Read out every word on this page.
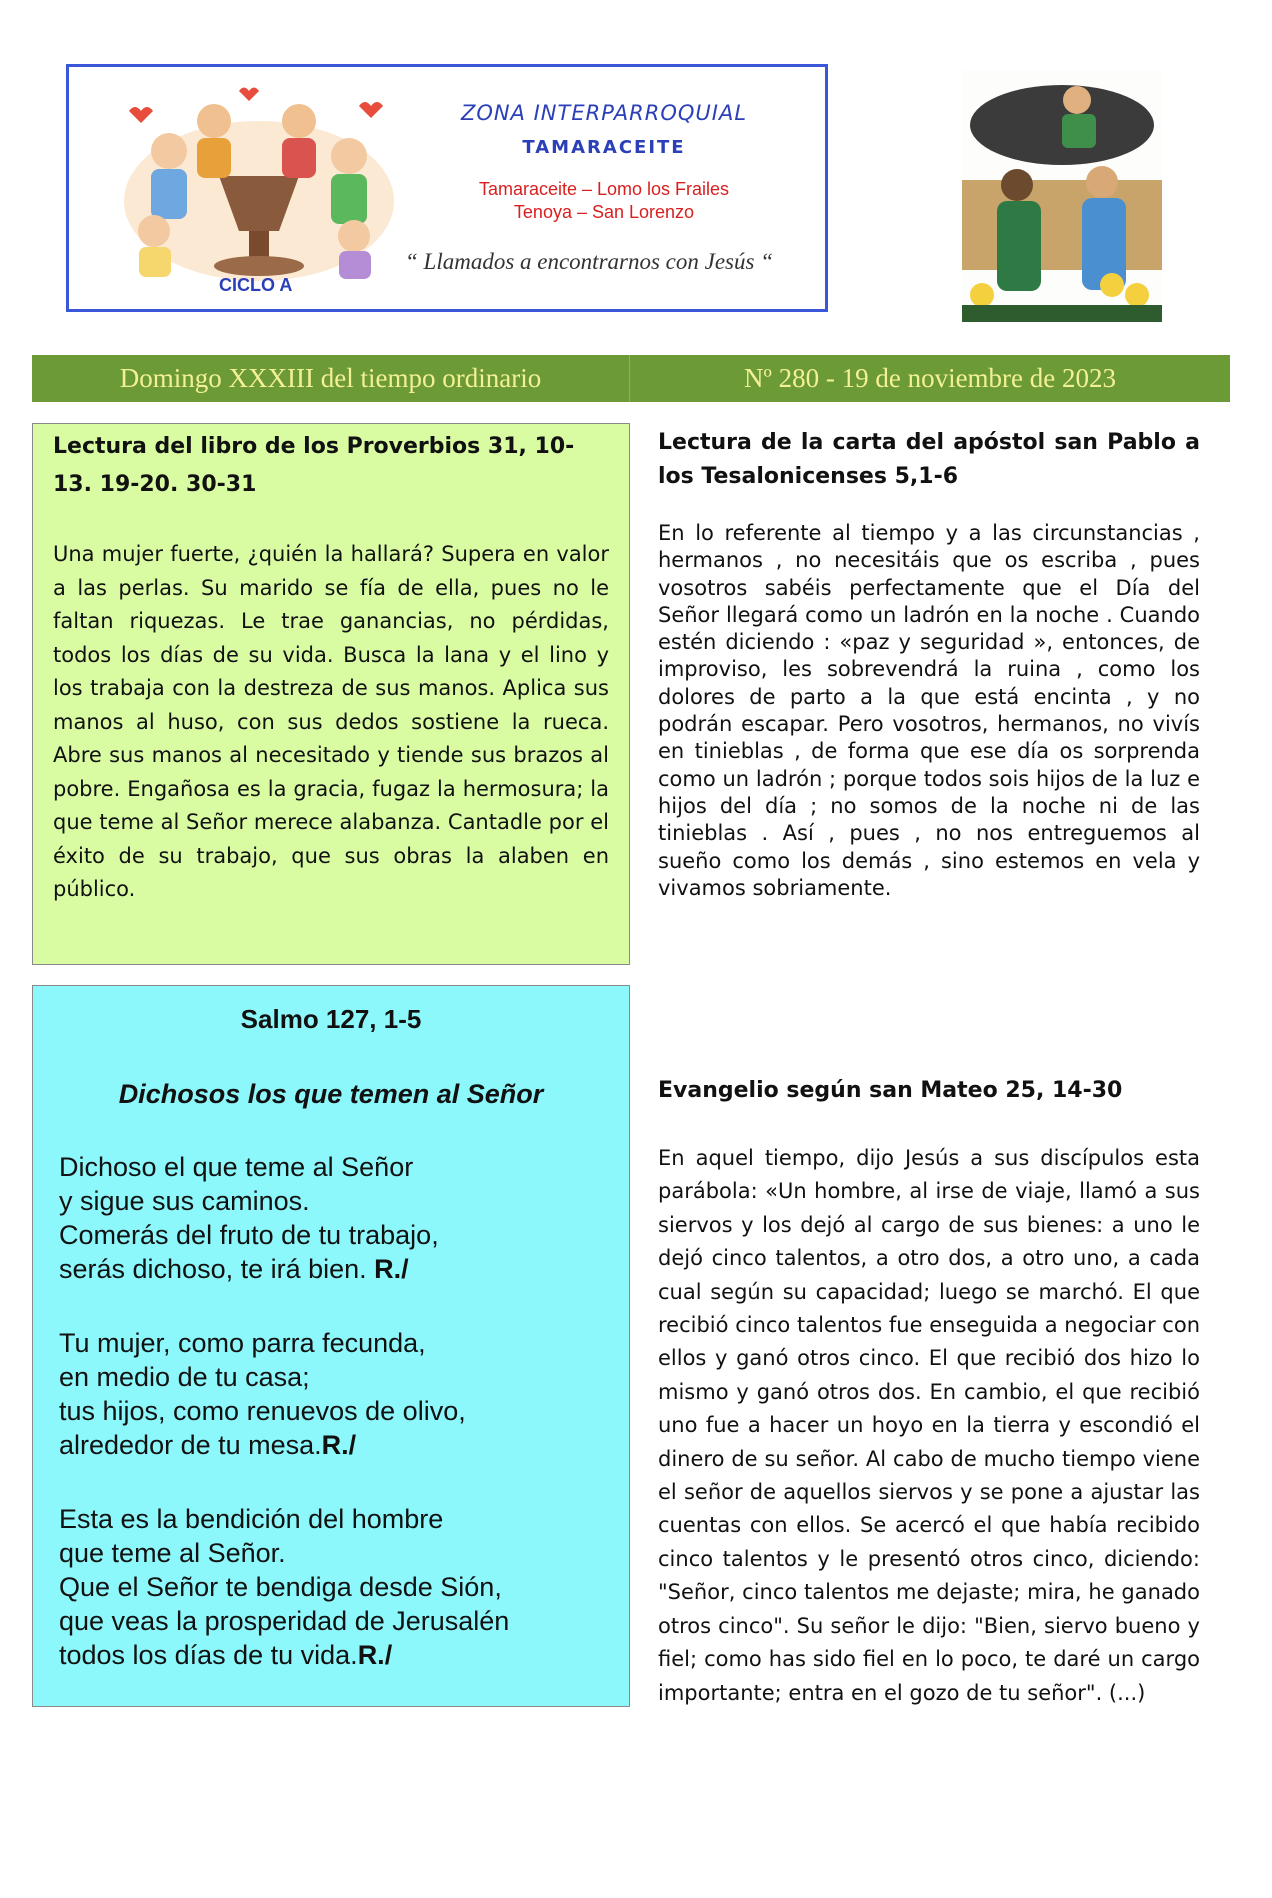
ZONA INTERPARROQUIAL
TAMARACEITE
Tamaraceite – Lomo los Frailes
Tenoya – San Lorenzo
“ Llamados a encontrarnos con Jesús “
CICLO A
Domingo XXXIII del tiempo ordinario	Nº 280 - 19 de noviembre de 2023
Lectura del libro de los Proverbios 31, 10-13. 19-20. 30-31
Una mujer fuerte, ¿quién la hallará? Supera en valor a las perlas. Su marido se fía de ella, pues no le faltan riquezas. Le trae ganancias, no pérdidas, todos los días de su vida. Busca la lana y el lino y los trabaja con la destreza de sus manos. Aplica sus manos al huso, con sus dedos sostiene la rueca. Abre sus manos al necesitado y tiende sus brazos al pobre. Engañosa es la gracia, fugaz la hermosura; la que teme al Señor merece alabanza. Cantadle por el éxito de su trabajo, que sus obras la alaben en público.
Salmo 127, 1-5
Dichosos los que temen al Señor
Dichoso el que teme al Señor
y sigue sus caminos.
Comerás del fruto de tu trabajo,
serás dichoso, te irá bien. R./
Tu mujer, como parra fecunda,
en medio de tu casa;
tus hijos, como renuevos de olivo,
alrededor de tu mesa.R./
Esta es la bendición del hombre
que teme al Señor.
Que el Señor te bendiga desde Sión,
que veas la prosperidad de Jerusalén
todos los días de tu vida.R./
Lectura de la carta del apóstol san Pablo a los Tesalonicenses 5,1-6
En lo referente al tiempo y a las circunstancias , hermanos , no necesitáis que os escriba , pues vosotros sabéis perfectamente que el Día del Señor llegará como un ladrón en la noche . Cuando estén diciendo : «paz y seguridad », entonces, de improviso, les sobrevendrá la ruina , como los dolores de parto a la que está encinta , y no podrán escapar. Pero vosotros, hermanos, no vivís en tinieblas , de forma que ese día os sorprenda como un ladrón ; porque todos sois hijos de la luz e hijos del día ; no somos de la noche ni de las tinieblas . Así , pues , no nos entreguemos al sueño como los demás , sino estemos en vela y vivamos sobriamente.
Evangelio según san Mateo 25, 14-30
En aquel tiempo, dijo Jesús a sus discípulos esta parábola: «Un hombre, al irse de viaje, llamó a sus siervos y los dejó al cargo de sus bienes: a uno le dejó cinco talentos, a otro dos, a otro uno, a cada cual según su capacidad; luego se marchó. El que recibió cinco talentos fue enseguida a negociar con ellos y ganó otros cinco. El que recibió dos hizo lo mismo y ganó otros dos. En cambio, el que recibió uno fue a hacer un hoyo en la tierra y escondió el dinero de su señor. Al cabo de mucho tiempo viene el señor de aquellos siervos y se pone a ajustar las cuentas con ellos. Se acercó el que había recibido cinco talentos y le presentó otros cinco, diciendo: "Señor, cinco talentos me dejaste; mira, he ganado otros cinco". Su señor le dijo: "Bien, siervo bueno y fiel; como has sido fiel en lo poco, te daré un cargo importante; entra en el gozo de tu señor". (...)
